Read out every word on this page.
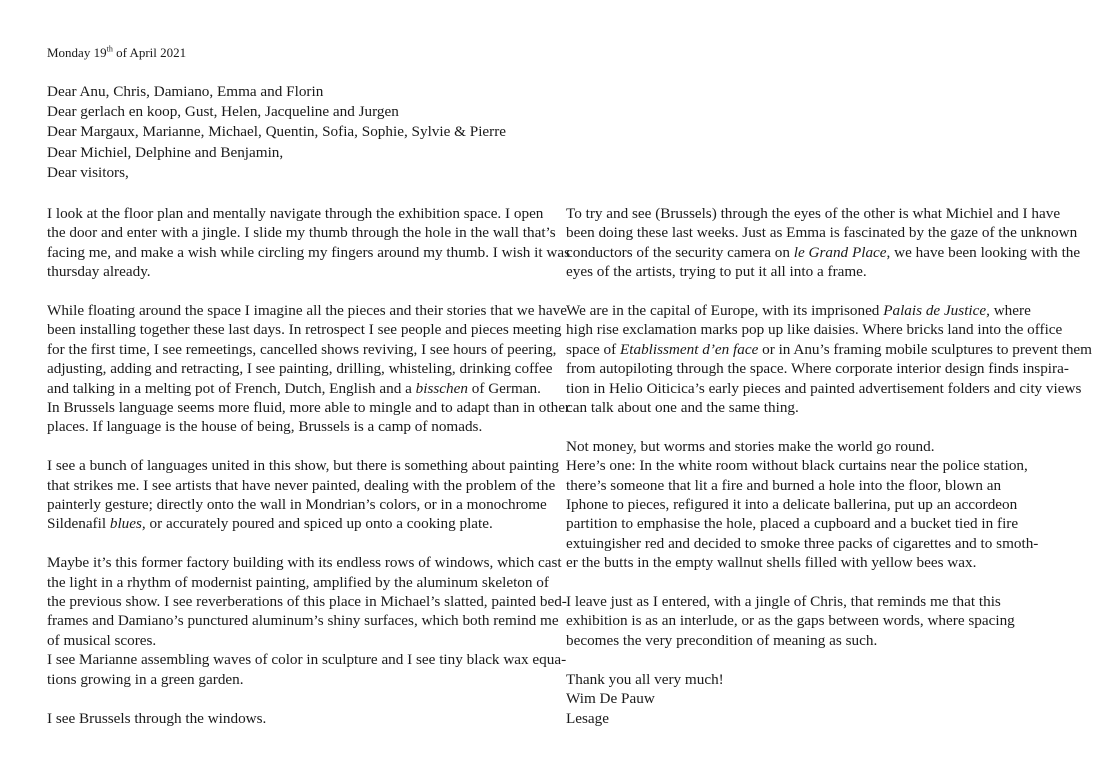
Monday 19th of April 2021
Dear Anu, Chris, Damiano, Emma and Florin
Dear gerlach en koop, Gust, Helen, Jacqueline and Jurgen
Dear Margaux, Marianne, Michael, Quentin, Sofia, Sophie, Sylvie & Pierre
Dear Michiel, Delphine and Benjamin,
Dear visitors,

I look at the floor plan and mentally navigate through the exhibition space. I open
the door and enter with a jingle. I slide my thumb through the hole in the wall that’s
facing me, and make a wish while circling my fingers around my thumb. I wish it was
thursday already.

While floating around the space I imagine all the pieces and their stories that we have
been installing together these last days. In retrospect I see people and pieces meeting
for the first time, I see remeetings, cancelled shows reviving, I see hours of peering,
adjusting, adding and retracting, I see painting, drilling, whisteling, drinking coffee
and talking in a melting pot of French, Dutch, English and a bisschen of German.
In Brussels language seems more fluid, more able to mingle and to adapt than in other
places. If language is the house of being, Brussels is a camp of nomads.

I see a bunch of languages united in this show, but there is something about painting
that strikes me. I see artists that have never painted, dealing with the problem of the
painterly gesture; directly onto the wall in Mondrian’s colors, or in a monochrome
Sildenafil blues, or accurately poured and spiced up onto a cooking plate.

Maybe it’s this former factory building with its endless rows of windows, which cast
the light in a rhythm of modernist painting, amplified by the aluminum skeleton of
the previous show. I see reverberations of this place in Michael’s slatted, painted bed-
frames and Damiano’s punctured aluminum’s shiny surfaces, which both remind me
of musical scores.
I see Marianne assembling waves of color in sculpture and I see tiny black wax equa-
tions growing in a green garden.

I see Brussels through the windows.

To try and see (Brussels) through the eyes of the other is what Michiel and I have
been doing these last weeks. Just as Emma is fascinated by the gaze of the unknown
conductors of the security camera on le Grand Place, we have been looking with the
eyes of the artists, trying to put it all into a frame.

We are in the capital of Europe, with its imprisoned Palais de Justice, where
high rise exclamation marks pop up like daisies. Where bricks land into the office
space of Etablissment d’en face or in Anu’s framing mobile sculptures to prevent them
from autopiloting through the space. Where corporate interior design finds inspira-
tion in Helio Oiticica’s early pieces and painted advertisement folders and city views
can talk about one and the same thing.

Not money, but worms and stories make the world go round.
Here’s one: In the white room without black curtains near the police station,
there’s someone that lit a fire and burned a hole into the floor, blown an
Iphone to pieces, refigured it into a delicate ballerina, put up an accordeon
partition to emphasise the hole, placed a cupboard and a bucket tied in fire
extuingisher red and decided to smoke three packs of cigarettes and to smoth-
er the butts in the empty wallnut shells filled with yellow bees wax.

I leave just as I entered, with a jingle of Chris, that reminds me that this
exhibition is as an interlude, or as the gaps between words, where spacing
becomes the very precondition of meaning as such.

Thank you all very much!
Wim De Pauw
Lesage
